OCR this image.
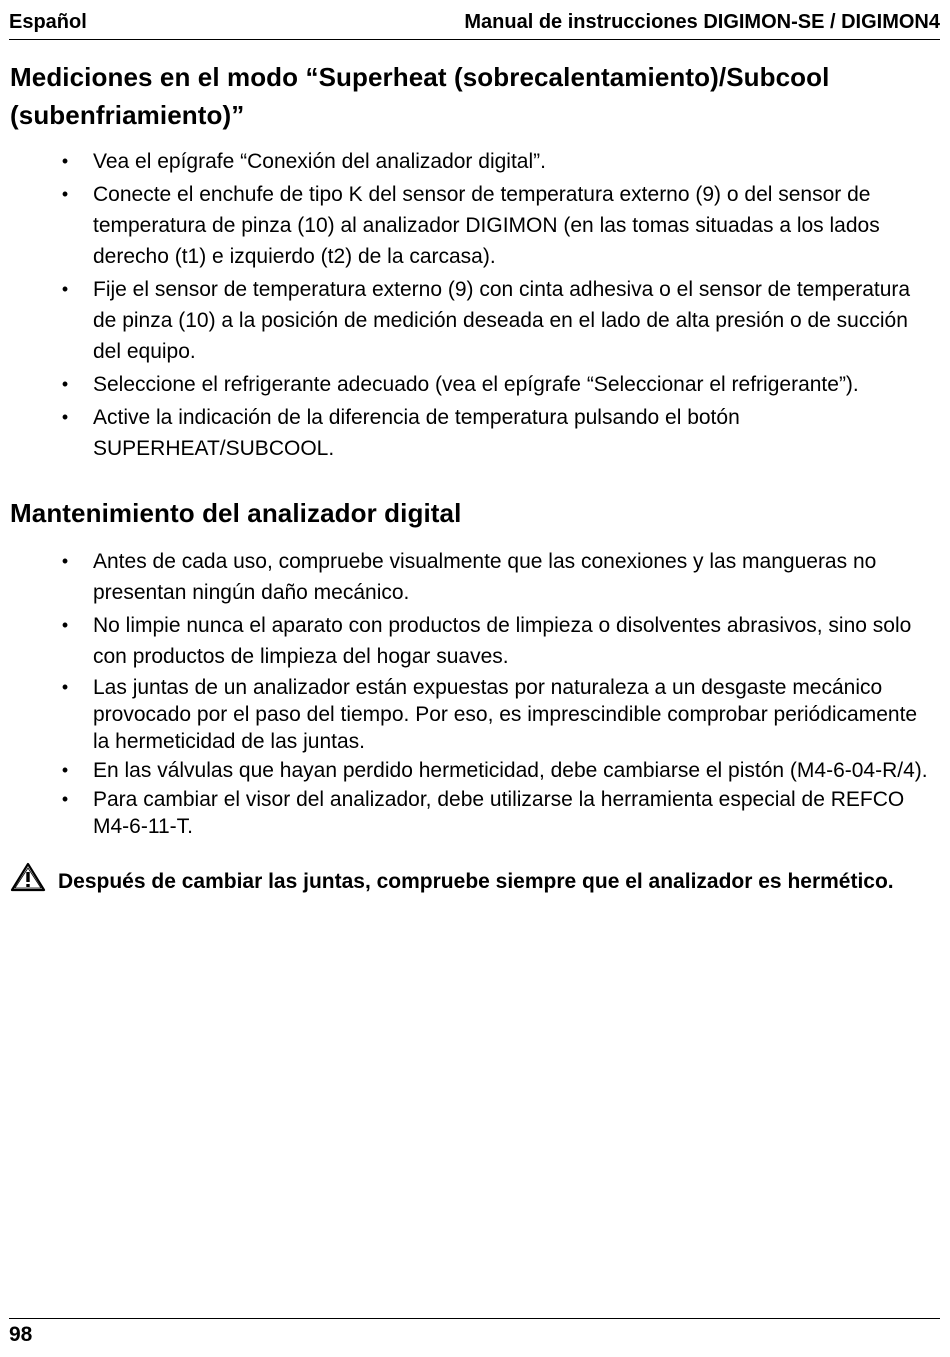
Español	Manual de instrucciones DIGIMON-SE / DIGIMON4
Mediciones en el modo “Superheat (sobrecalentamiento)/Subcool (subenfriamiento)”
• Vea el epígrafe “Conexión del analizador digital”.
• Conecte el enchufe de tipo K del sensor de temperatura externo (9) o del sensor de temperatura de pinza (10) al analizador DIGIMON (en las tomas situadas a los lados derecho (t1) e izquierdo (t2) de la carcasa).
• Fije el sensor de temperatura externo (9) con cinta adhesiva o el sensor de temperatura de pinza (10) a la posición de medición deseada en el lado de alta presión o de succión del equipo.
• Seleccione el refrigerante adecuado (vea el epígrafe “Seleccionar el refrigerante”).
• Active la indicación de la diferencia de temperatura pulsando el botón SUPERHEAT/SUBCOOL.
Mantenimiento del analizador digital
• Antes de cada uso, compruebe visualmente que las conexiones y las mangueras no presentan ningún daño mecánico.
• No limpie nunca el aparato con productos de limpieza o disolventes abrasivos, sino solo con productos de limpieza del hogar suaves.
• Las juntas de un analizador están expuestas por naturaleza a un desgaste mecánico provocado por el paso del tiempo. Por eso, es imprescindible comprobar periódicamente la hermeticidad de las juntas.
• En las válvulas que hayan perdido hermeticidad, debe cambiarse el pistón (M4-6-04-R/4).
• Para cambiar el visor del analizador, debe utilizarse la herramienta especial de REFCO M4-6-11-T.
Después de cambiar las juntas, compruebe siempre que el analizador es hermético.
98
